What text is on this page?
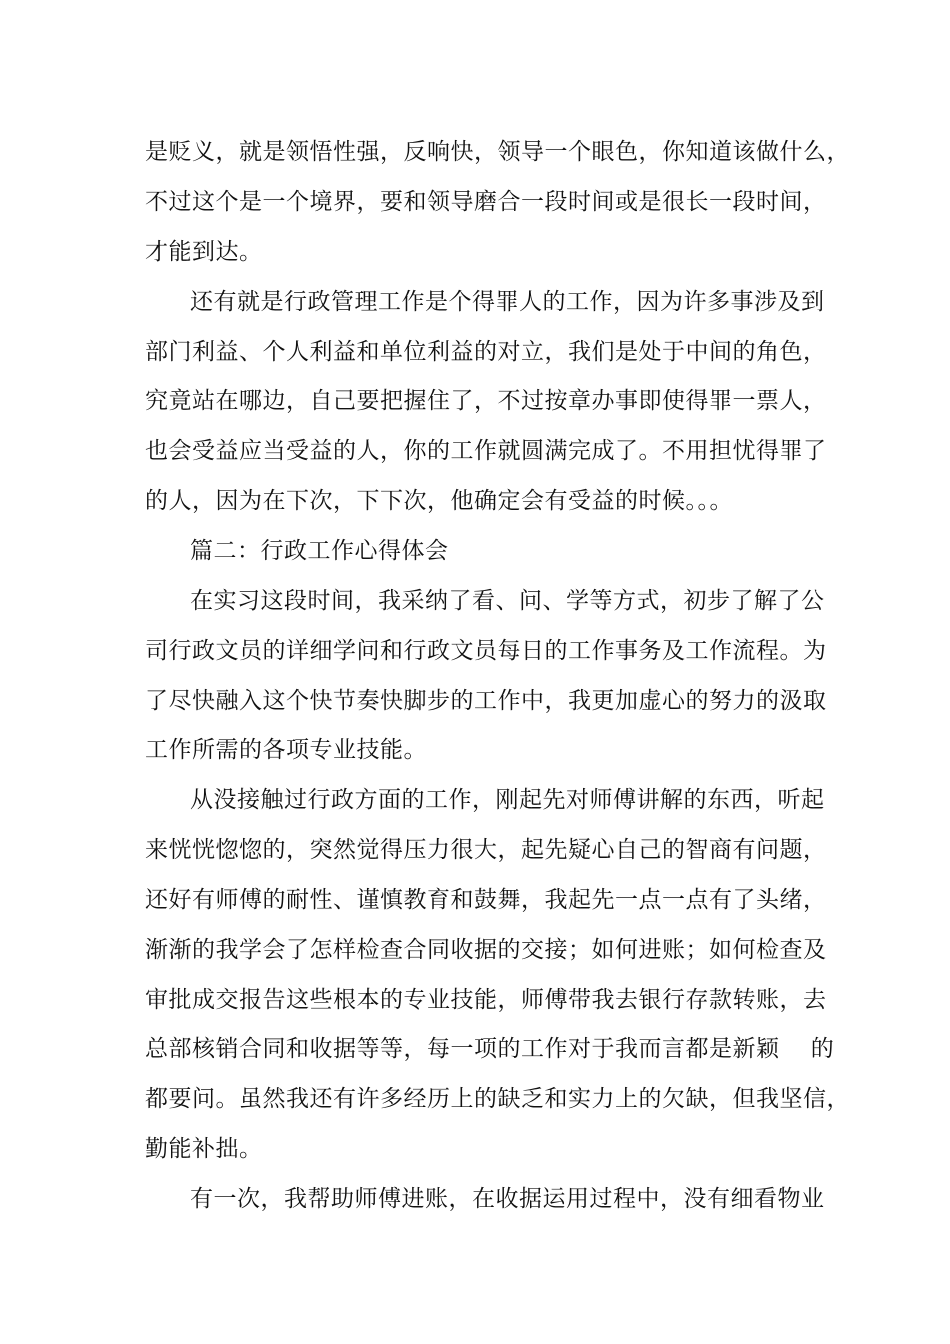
是贬义，就是领悟性强，反响快，领导一个眼色，你知道该做什么，
不过这个是一个境界，要和领导磨合一段时间或是很长一段时间，
才能到达。
还有就是行政管理工作是个得罪人的工作，因为许多事涉及到
部门利益、个人利益和单位利益的对立，我们是处于中间的角色，
究竟站在哪边，自己要把握住了，不过按章办事即使得罪一票人，
也会受益应当受益的人，你的工作就圆满完成了。不用担忧得罪了
的人，因为在下次，下下次，他确定会有受益的时候。。。
篇二：行政工作心得体会
在实习这段时间，我采纳了看、问、学等方式，初步了解了公
司行政文员的详细学问和行政文员每日的工作事务及工作流程。为
了尽快融入这个快节奏快脚步的工作中，我更加虚心的努力的汲取
工作所需的各项专业技能。
从没接触过行政方面的工作，刚起先对师傅讲解的东西，听起
来恍恍惚惚的，突然觉得压力很大，起先疑心自己的智商有问题，
还好有师傅的耐性、谨慎教育和鼓舞，我起先一点一点有了头绪，
渐渐的我学会了怎样检查合同收据的交接；如何进账；如何检查及
审批成交报告这些根本的专业技能，师傅带我去银行存款转账，去
总部核销合同和收据等等，每一项的工作对于我而言都是新颖　 的
都要问。虽然我还有许多经历上的缺乏和实力上的欠缺，但我坚信，
勤能补拙。
有一次，我帮助师傅进账，在收据运用过程中，没有细看物业
